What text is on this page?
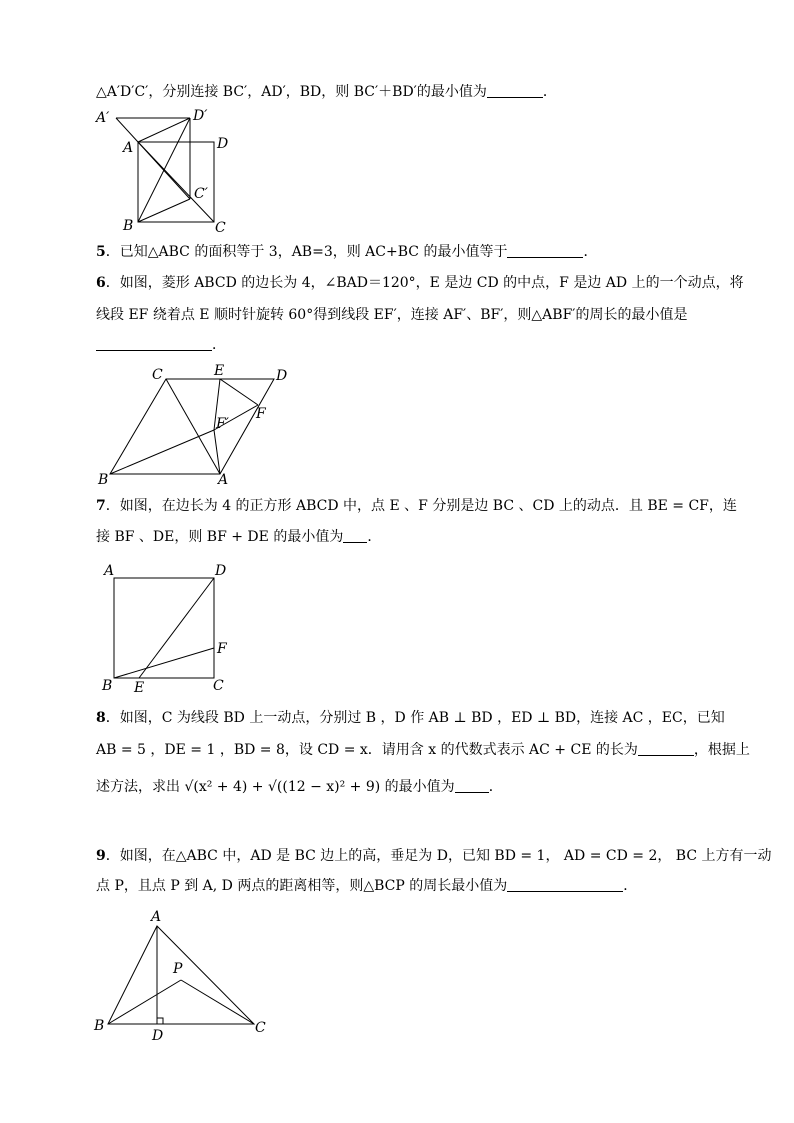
△A′D′C′，分别连接 BC′，AD′，BD，则 BC′＋BD′的最小值为	．
A′	D′
A	D
C′
B	C
5．已知△ABC 的面积等于 3，AB=3，则 AC+BC 的最小值等于	．
6．如图，菱形 ABCD 的边长为 4，∠BAD＝120°，E 是边 CD 的中点，F 是边 AD 上的一个动点，将
线段 EF 绕着点 E 顺时针旋转 60°得到线段 EF′，连接 AF′、BF′，则△ABF′的周长的最小值是
．
C	E	D
F
F′
B	A
7．如图，在边长为 4 的正方形 ABCD 中，点 E 、F 分别是边 BC 、CD 上的动点．且 BE = CF，连
接 BF 、DE，则 BF + DE 的最小值为 ．
A	D
F
B E	C
8．如图，C 为线段 BD 上一动点，分别过 B ，D 作 AB ⊥ BD ，ED ⊥ BD，连接 AC ，EC，已知
AB = 5 ，DE = 1 ，BD = 8，设 CD = x．请用含 x 的代数式表示 AC + CE 的长为	，根据上
述方法，求出 √(x² + 4) + √((12 − x)² + 9) 的最小值为 ．
9．如图，在△ABC 中，AD 是 BC 边上的高，垂足为 D，已知 BD = 1， AD = CD = 2， BC 上方有一动
点 P，且点 P 到 A, D 两点的距离相等，则△BCP 的周长最小值为	．
A
P
B
D	C
